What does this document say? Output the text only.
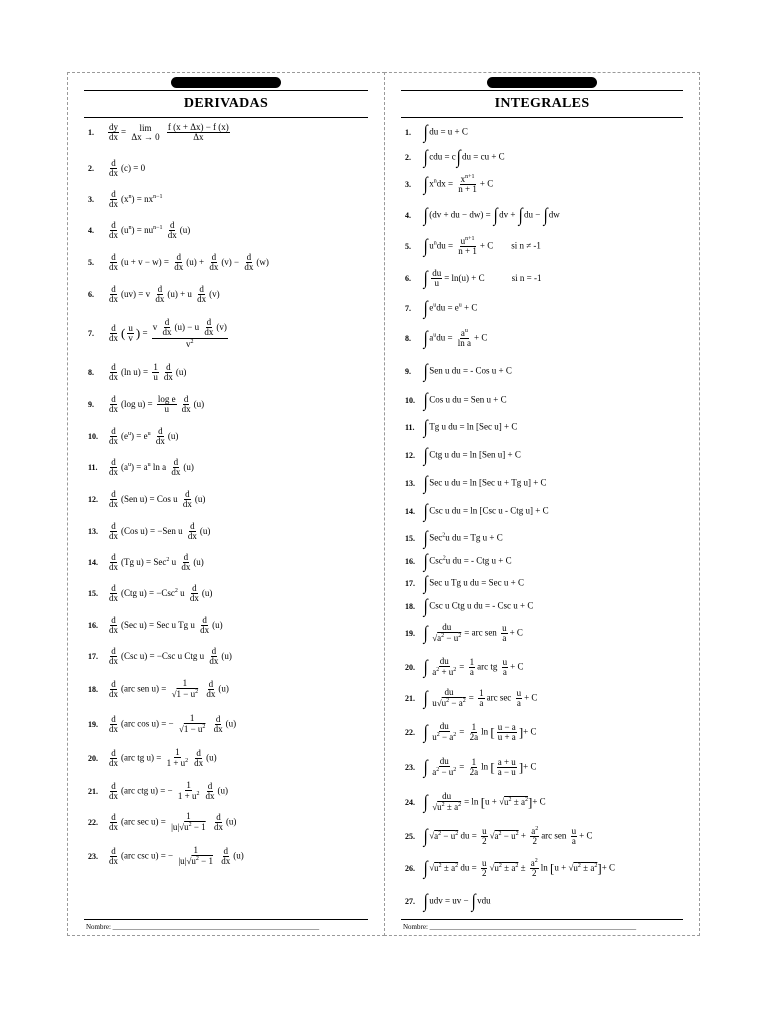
DERIVADAS
1.	$\frac{dy}{dx} = \lim$
Δx → 0
$\frac{f (x + \Delta x) - f (x)}{\Delta x}$
2.	$\frac{d}{dx} (c) = 0$
3.	$\frac{d}{dx} (x^n) = nx^{n-1}$
4.	$\frac{d}{dx} (u^n) = nu^{n-1} \frac{d}{dx} (u)$
5.	$\frac{d}{dx} (u + v - w) = \frac{d}{dx} (u) + \frac{d}{dx} (v) - \frac{d}{dx} (w)$
6.	$\frac{d}{dx} (uv) = v \frac{d}{dx} (u) + u \frac{d}{dx} (v)$
7.	$\frac{d}{dx}$ ( $\frac{u}{v}$ ) =
v $\frac{d}{dx} (u) - u \frac{d}{dx} (v)$
$v^2$
8.	$\frac{d}{dx} (\ln$ $u) = \frac{1}{u} \frac{d}{dx} (u)$
9.	$\frac{d}{dx} (\log$ $u) = \frac{\text{log e}}{u} \frac{d}{dx} (u)$
10.	$\frac{d}{dx} (e^u) = e^u \frac{d}{dx} (u)$
11.	$\frac{d}{dx} (a^u) = a^u$ ln a $\frac{d}{dx} (u)$
12.	$\frac{d}{dx} (Sen$ u) = Cos u $\frac{d}{dx} (u)$
13.	$\frac{d}{dx} (Cos$ u) = −Sen u $\frac{d}{dx} (u)$
14.	$\frac{d}{dx} (Tg$ u) = Sec$^2$ u $\frac{d}{dx} (u)$
15.	$\frac{d}{dx} (Ctg$ u) = −Csc$^2$ u $\frac{d}{dx} (u)$
16.	$\frac{d}{dx} (Sec$ u) = Sec u Tg u $\frac{d}{dx} (u)$
17.	$\frac{d}{dx} (Csc$ u) = −Csc u Ctg u $\frac{d}{dx} (u)$
18.	$\frac{d}{dx} (arc$ sen $u) = \frac{1}{√1 - u^2}$
$\frac{d}{dx} (u)$
19.	$\frac{d}{dx} (arc$ cos u) = − $\frac{1}{√1 - u^2}$
$\frac{d}{dx} (u)$
20.	$\frac{d}{dx} (arc$ tg $u) = \frac{1}{1 + u^2} \frac{d}{dx} (u)$
21.	$\frac{d}{dx} (arc$ ctg u) = − $\frac{1}{1 + u^2} \frac{d}{dx} (u)$
22.	$\frac{d}{dx} (arc$ $\sec u) = \frac{1}{|u|√u^2 - 1}$
$\frac{d}{dx} (u)$
23.	$\frac{d}{dx} (arc$ csc u) = − $\frac{1}{|u|√u^2 - 1}$
$\frac{d}{dx} (u)$
Nombre: ___________________________________________________________
INTEGRALES
1. ∫ du = u + C
2. ∫ cdu = c∫ du = cu + C
3. ∫ $x^ndx = \frac{x^{n+1}}{n + 1} + C$
4. ∫ (dv + du − dw) = ∫ dv + ∫ du − ∫ dw
5. ∫ $u^ndu = \frac{u^{n+1}}{n + 1} + C$        si n ≠ -1
6. ∫ $\frac{du}{u} = \ln(u) + C$            si n = -1
7. ∫ $e^udu = e^u + C$
8. ∫ $a^udu = \frac{a^u}{\text{ln a}} + C$
9. ∫ Sen u du = - Cos u + C
10. ∫ Cos u du = Sen u + C
11. ∫ Tg u du = ln [Sec u] + C
12. ∫ Ctg u du = ln [Sen u] + C
13. ∫ Sec u du = ln [Sec u + Tg u] + C
14. ∫ Csc u du = ln [Csc u - Ctg u] + C
15. ∫ Sec$^2$u du = Tg u + C
16. ∫ Csc$^2$u du = - Ctg u + C
17. ∫ Sec u Tg u du = Sec u + C
18. ∫ Csc u Ctg u du = - Csc u + C
19. ∫ $\frac{du}{√a^2 - u^2}$ = arc sen $\frac{u}{a} + C$
20. ∫ $\frac{du}{a^2 + u^2} = \frac{1}{a}$ arc tg $\frac{u}{a} + C$
21. ∫ $\frac{du}{u√u^2 - a^2} = \frac{1}{a}$ arc $\sec \frac{u}{a} + C$
22. ∫ $\frac{du}{u^2 - a^2} = \frac{1}{2a}$ ln [ $\frac{u - a}{u + a}$ ]+ C
23. ∫ $\frac{du}{a^2 - u^2} = \frac{1}{2a}$ ln [ $\frac{a + u}{a - u}$ ]+ C
24. ∫ $\frac{du}{√u^2 \pm a^2} = \ln [u + √u^2 \pm a^2]+ C$
25. ∫ $√a^2 - u^2$ du = $\frac{u}{2} √a^2 - u^2 + \frac{a^2}{2}$ arc sen $\frac{u}{a} + C$
26. ∫ $√u^2 \pm a^2$ du = $\frac{u}{2} √u^2 \pm a^2 \pm \frac{a^2}{2}$ $\ln [u + √u^2 \pm a^2]+ C$
27. ∫ udv = uv − ∫ vdu
Nombre: ___________________________________________________________
